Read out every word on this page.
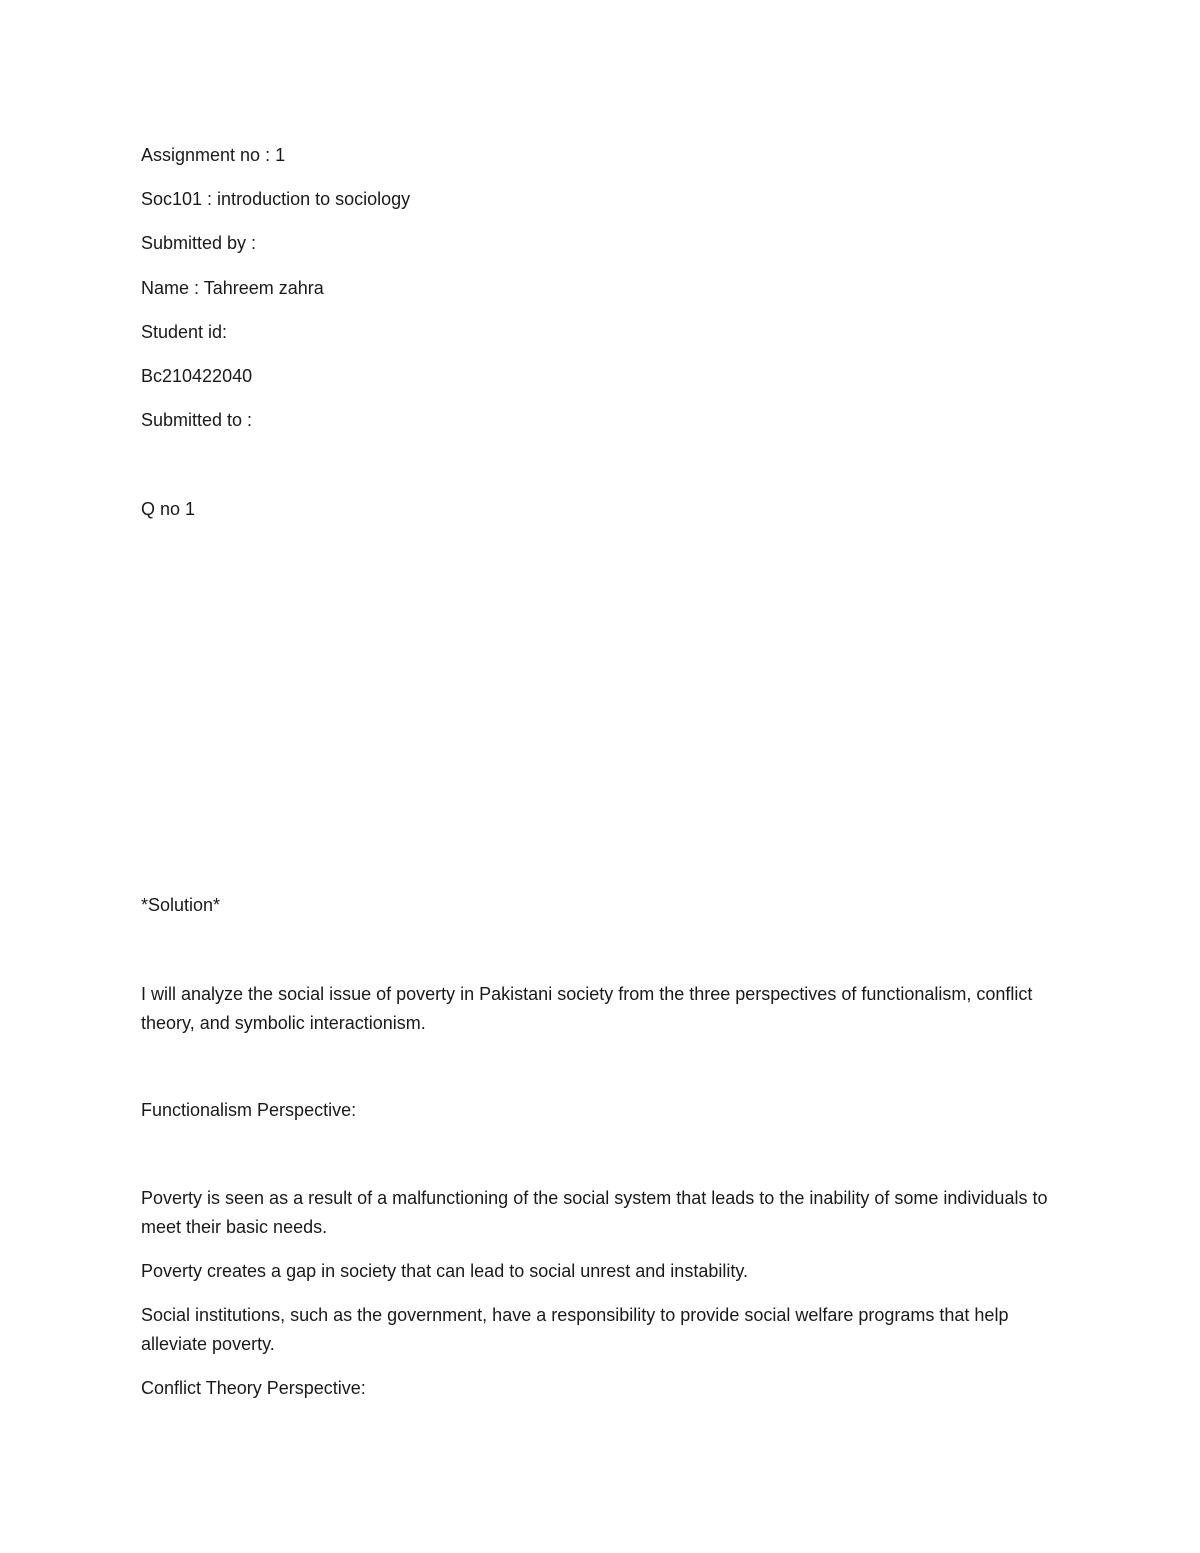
Assignment no : 1

Soc101 : introduction to sociology

Submitted by :

Name : Tahreem zahra

Student id:

Bc210422040

Submitted to :

Q no 1

*Solution*

I will analyze the social issue of poverty in Pakistani society from the three perspectives of functionalism, conflict theory, and symbolic interactionism.

Functionalism Perspective:

Poverty is seen as a result of a malfunctioning of the social system that leads to the inability of some individuals to meet their basic needs.

Poverty creates a gap in society that can lead to social unrest and instability.

Social institutions, such as the government, have a responsibility to provide social welfare programs that help alleviate poverty.

Conflict Theory Perspective:
